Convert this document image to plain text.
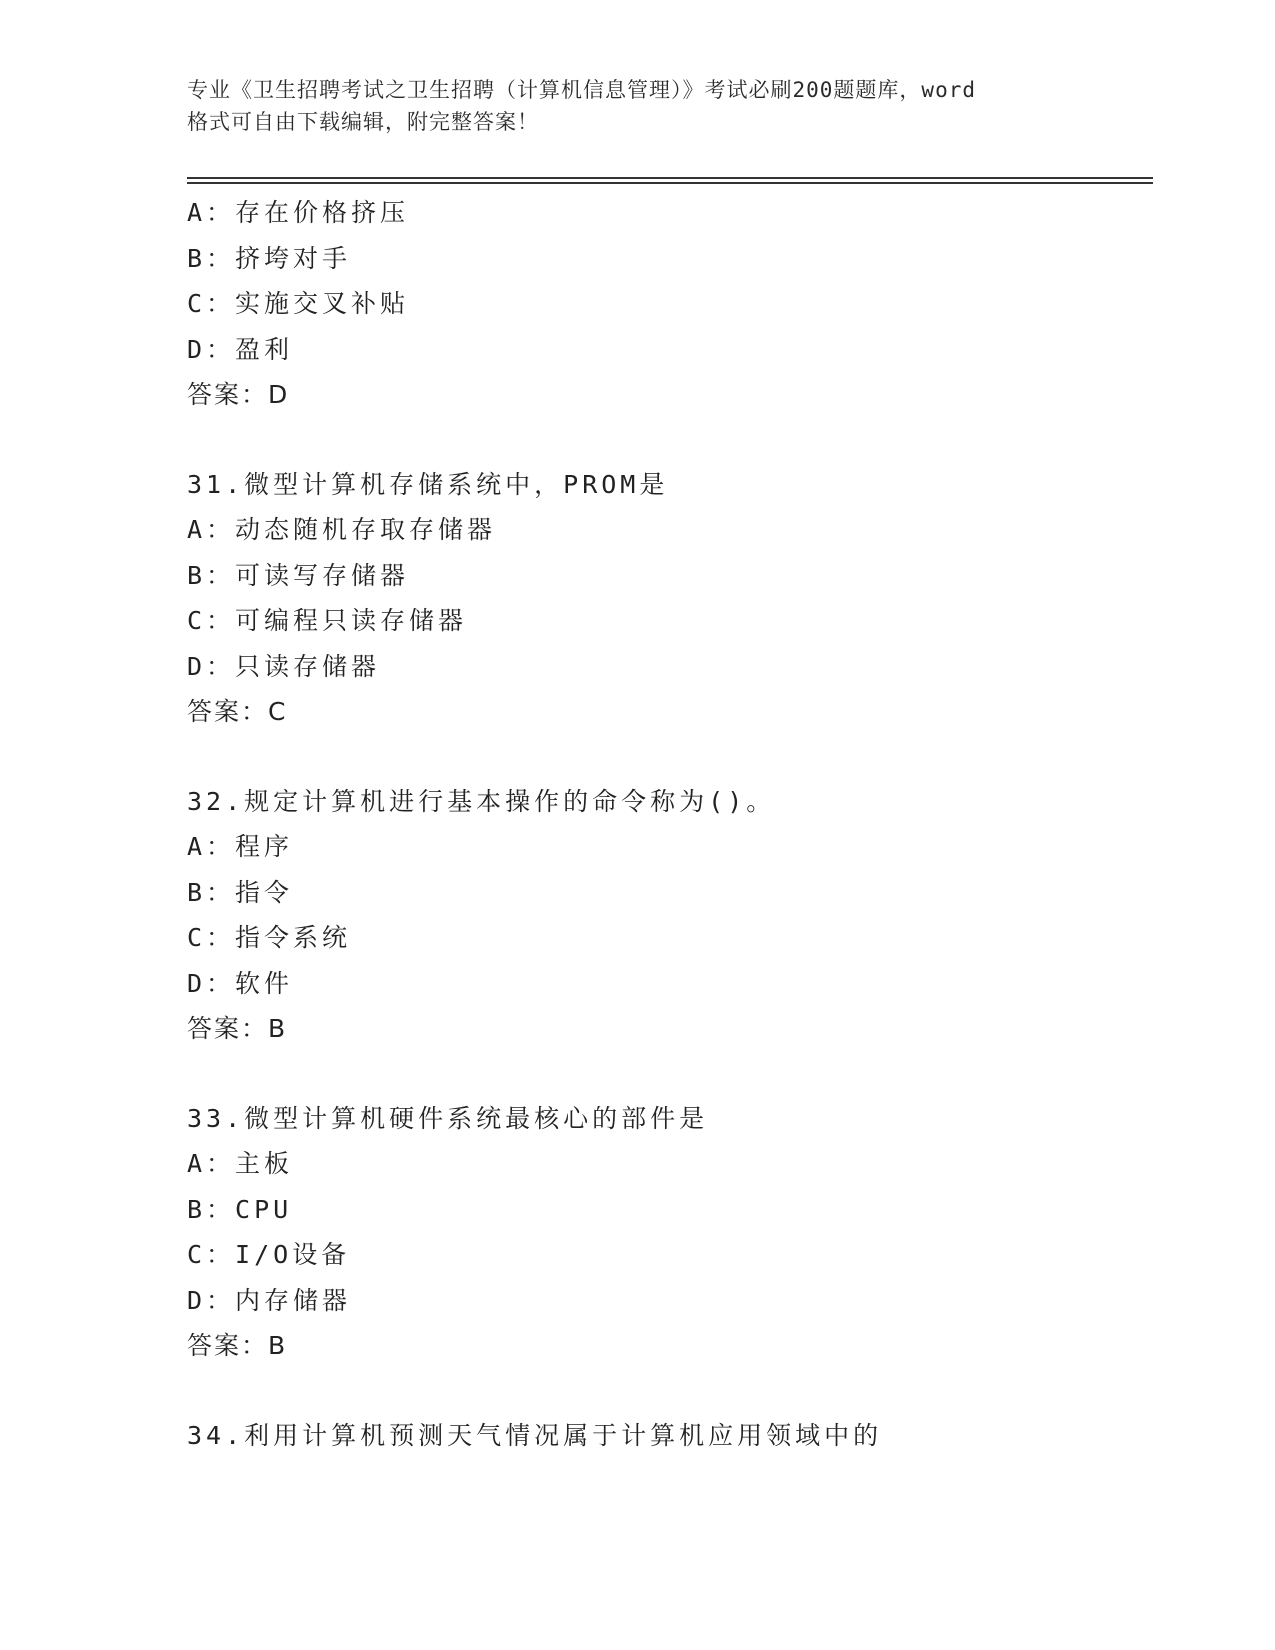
专业《卫生招聘考试之卫生招聘（计算机信息管理）》考试必刷200题题库，word
格式可自由下载编辑，附完整答案！
A：存在价格挤压
B：挤垮对手
C：实施交叉补贴
D：盈利
答案：D
31.微型计算机存储系统中，PROM是
A：动态随机存取存储器
B：可读写存储器
C：可编程只读存储器
D：只读存储器
答案：C
32.规定计算机进行基本操作的命令称为()。
A：程序
B：指令
C：指令系统
D：软件
答案：B
33.微型计算机硬件系统最核心的部件是
A：主板
B：CPU
C：I/O设备
D：内存储器
答案：B
34.利用计算机预测天气情况属于计算机应用领域中的
